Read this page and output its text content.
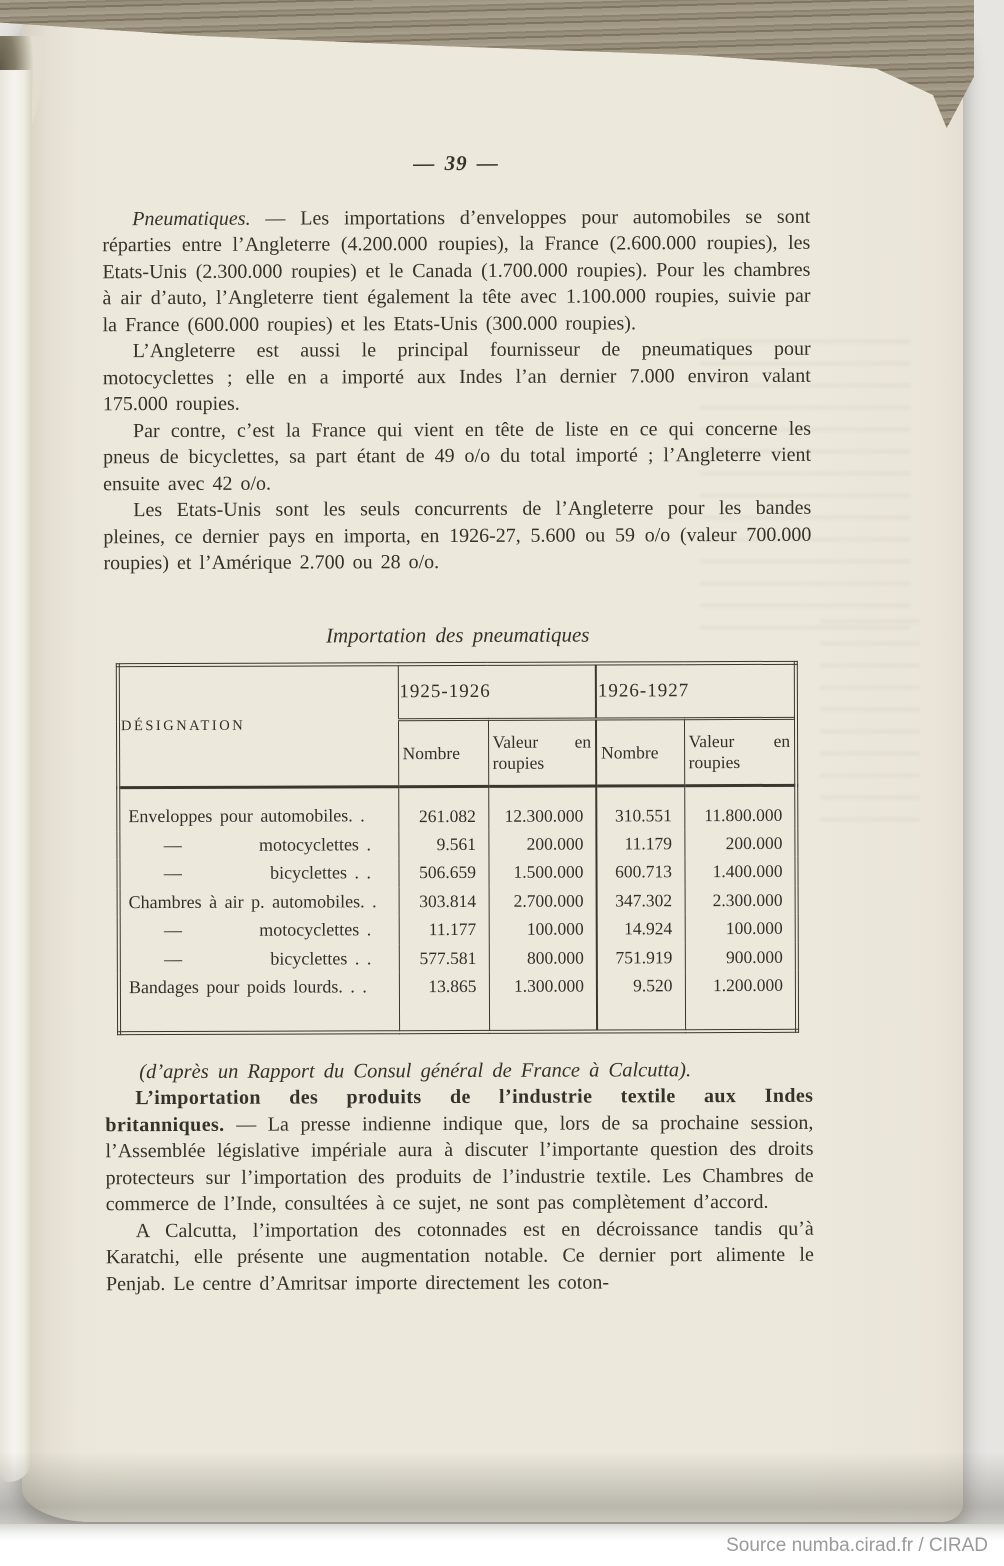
Source numba.cirad.fr / CIRAD
— 39 —

Pneumatiques. — Les importations d’enveloppes pour automobiles se sont réparties entre l’Angleterre (4.200.000 roupies), la France (2.600.000 roupies), les Etats-Unis (2.300.000 roupies) et le Canada (1.700.000 roupies). Pour les chambres à air d’auto, l’Angleterre tient également la tête avec 1.100.000 roupies, suivie par la France (600.000 roupies) et les Etats-Unis (300.000 roupies).

L’Angleterre est aussi le principal fournisseur de pneumatiques pour motocyclettes ; elle en a importé aux Indes l’an dernier 7.000 environ valant 175.000 roupies.

Par contre, c’est la France qui vient en tête de liste en ce qui concerne les pneus de bicyclettes, sa part étant de 49 o/o du total importé ; l’Angleterre vient ensuite avec 42 o/o.

Les Etats-Unis sont les seuls concurrents de l’Angleterre pour les bandes pleines, ce dernier pays en importa, en 1926-27, 5.600 ou 59 o/o (valeur 700.000 roupies) et l’Amérique 2.700 ou 28 o/o.

Importation des pneumatiques
DÉSIGNATION	1925-1926		1926-1927	
	Nombre	Valeur en roupies	Nombre	Valeur en roupies
Enveloppes pour automobiles. .	261.082	12.300.000	310.551	11.800.000

— motocyclettes .	9.561	200.000	11.179	200.000

— bicyclettes . .	506.659	1.500.000	600.713	1.400.000
Chambres à air p. automobiles. .	303.814	2.700.000	347.302	2.300.000

— motocyclettes .	11.177	100.000	14.924	100.000

— bicyclettes . .	577.581	800.000	751.919	900.000
Bandages pour poids lourds. . .	13.865	1.300.000	9.520	1.200.000
(d’après un Rapport du Consul général de France à Calcutta).

L’importation des produits de l’industrie textile aux Indes britanniques. — La presse indienne indique que, lors de sa prochaine session, l’Assemblée législative impériale aura à discuter l’importante question des droits protecteurs sur l’importation des produits de l’industrie textile. Les Chambres de commerce de l’Inde, consultées à ce sujet, ne sont pas complètement d’accord.

A Calcutta, l’importation des cotonnades est en décroissance tandis qu’à Karatchi, elle présente une augmentation notable. Ce dernier port alimente le Penjab. Le centre d’Amritsar importe directement les coton-
